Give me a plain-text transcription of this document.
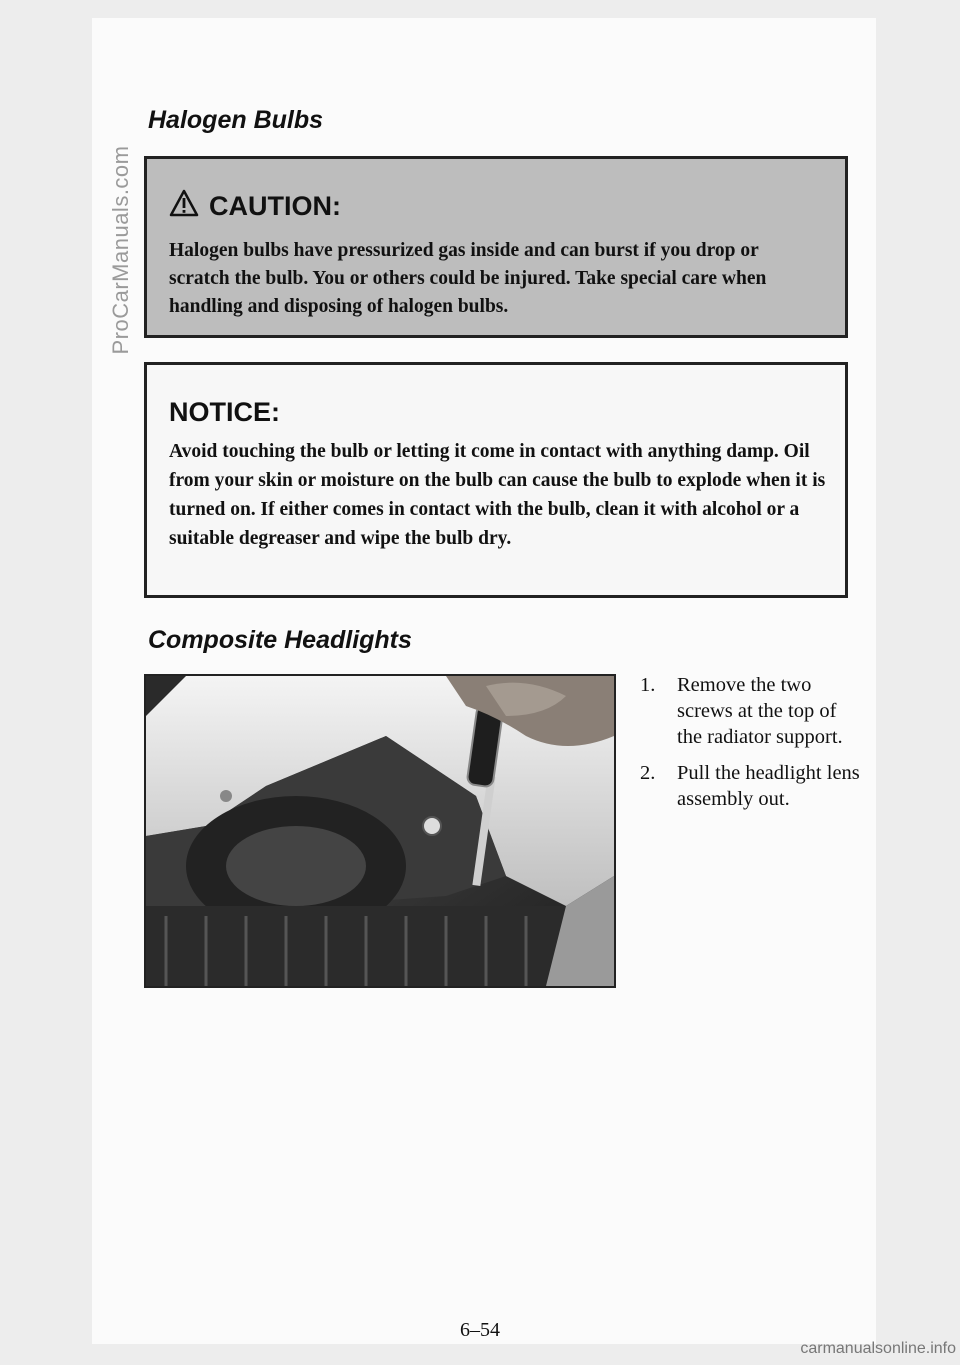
ProCarManuals.com
Halogen Bulbs
CAUTION:
Halogen bulbs have pressurized gas inside and can burst if you drop or scratch the bulb. You or others could be injured. Take special care when handling and disposing of halogen bulbs.
NOTICE:
Avoid touching the bulb or letting it come in contact with anything damp. Oil from your skin or moisture on the bulb can cause the bulb to explode when it is turned on. If either comes in contact with the bulb, clean it with alcohol or a suitable degreaser and wipe the bulb dry.
Composite Headlights
1.	Remove the two screws at the top of the radiator support.
2.	Pull the headlight lens assembly out.
6–54
carmanualsonline.info
